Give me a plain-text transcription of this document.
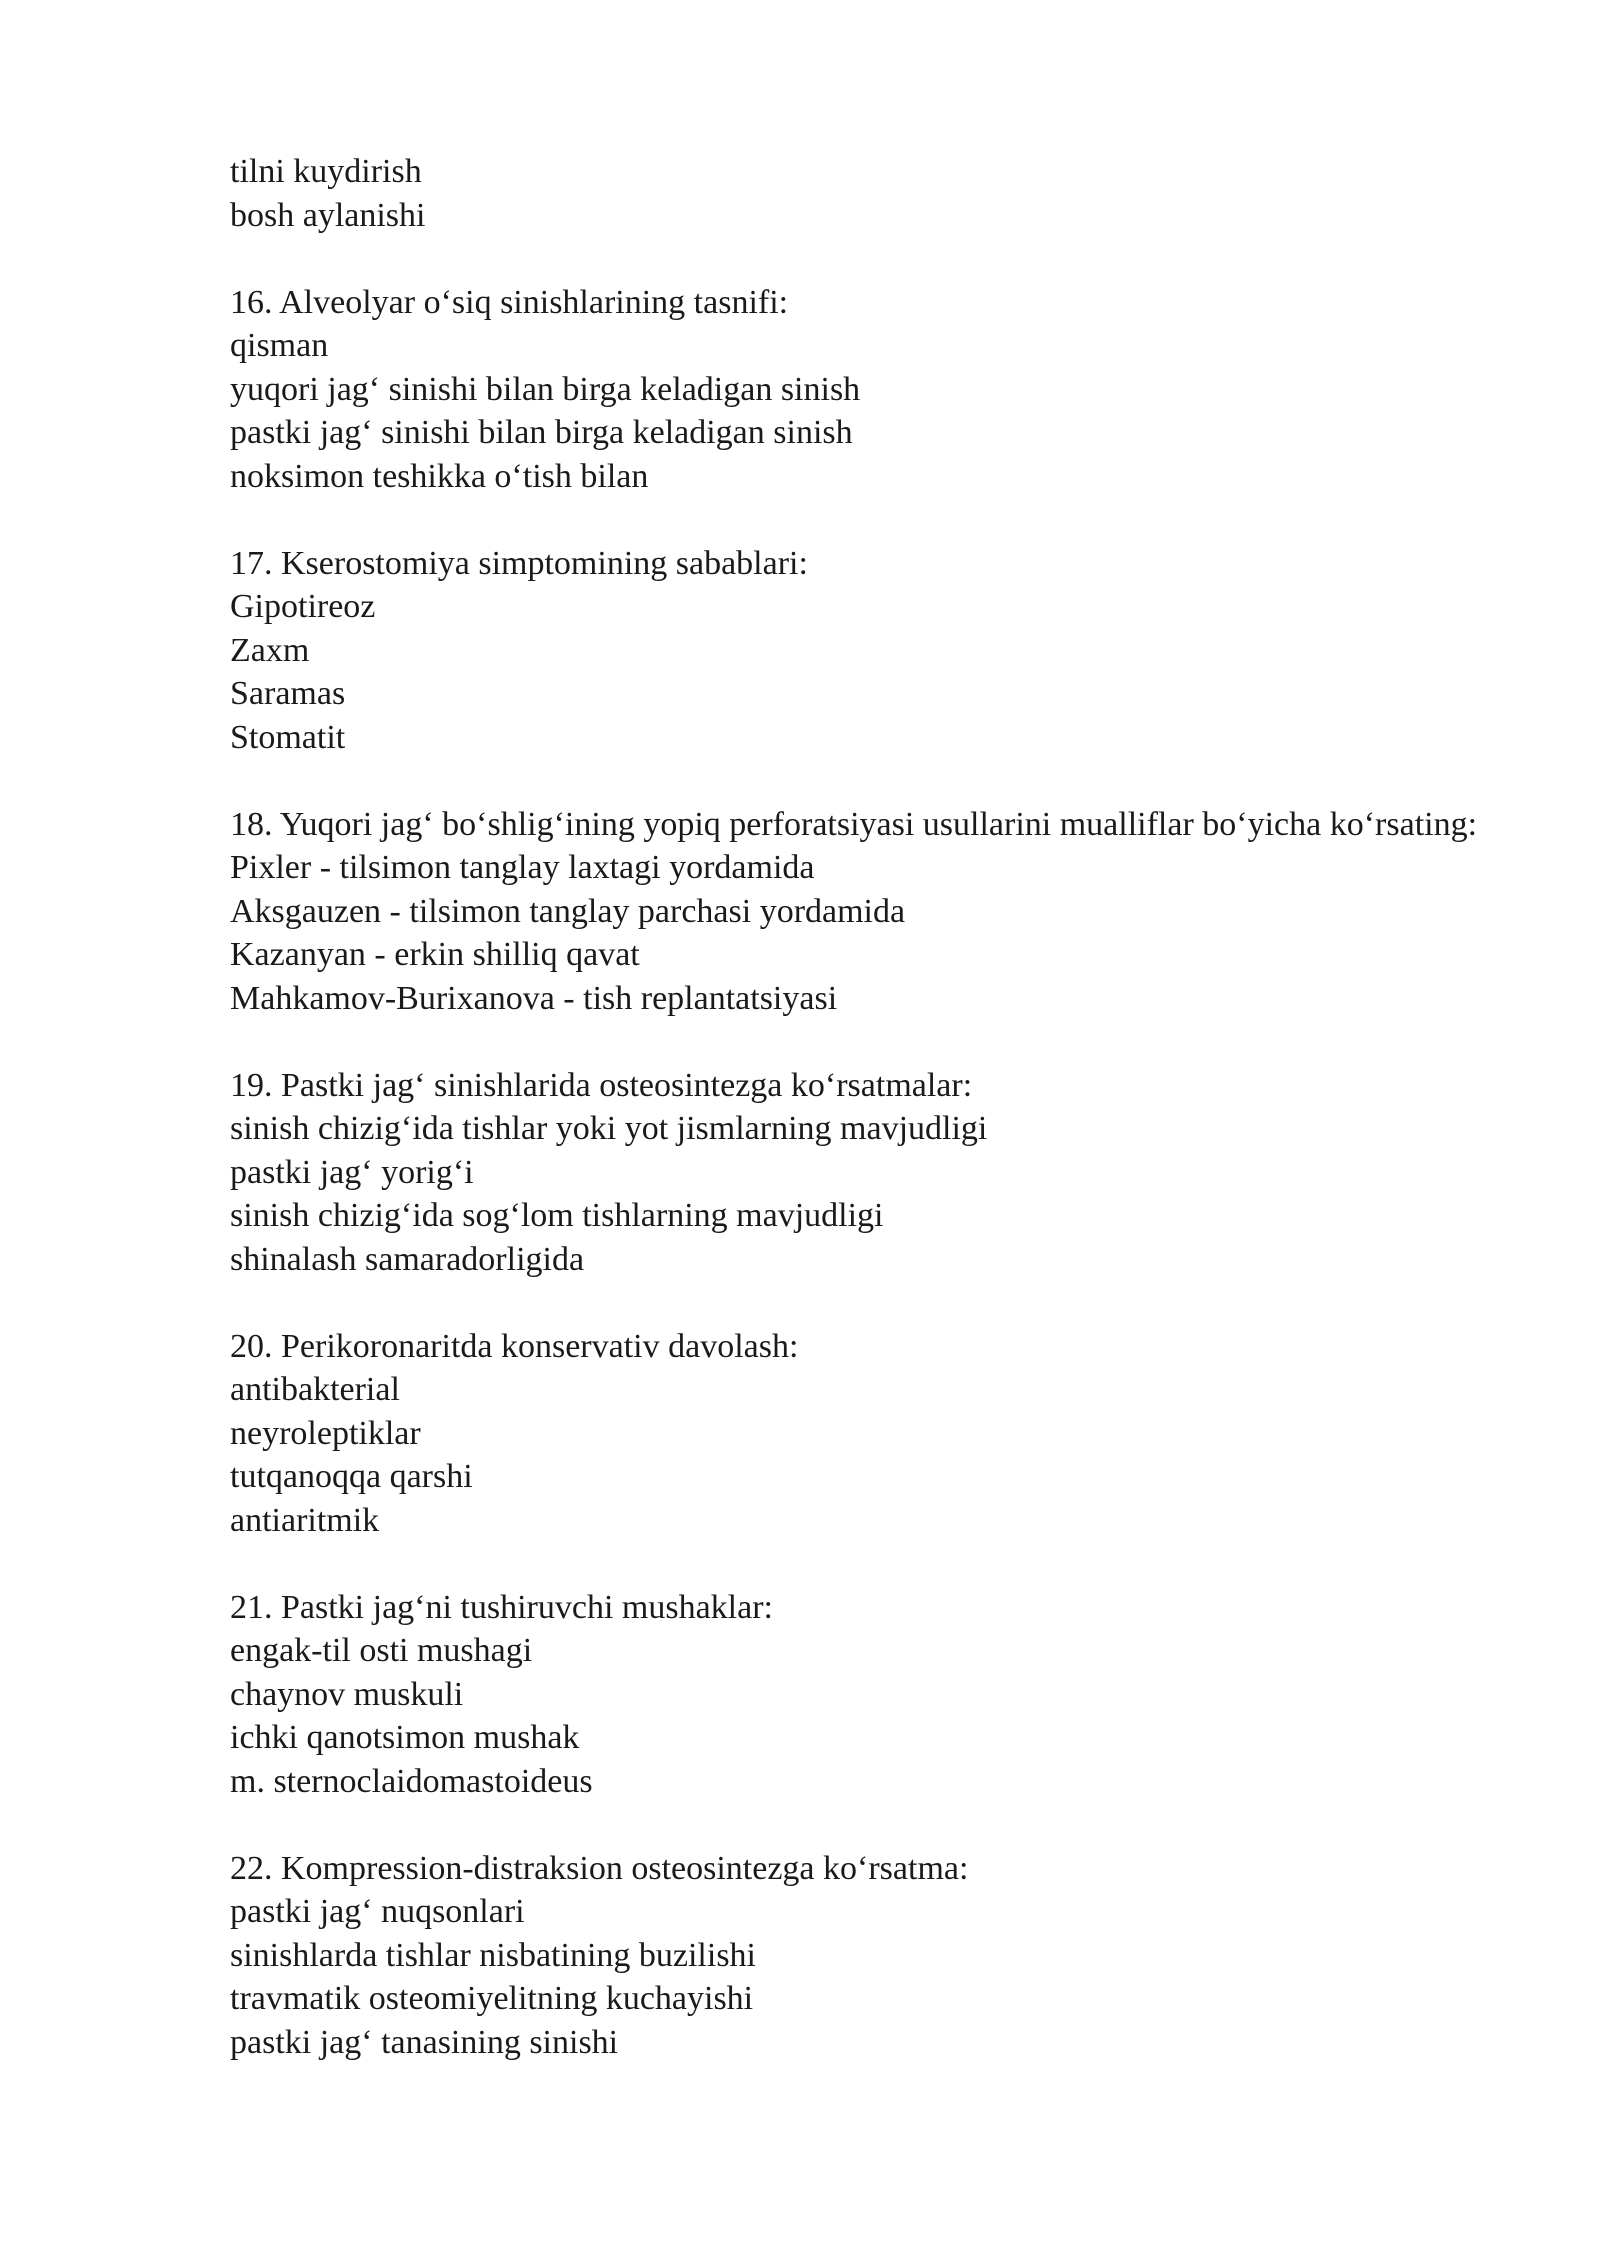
tilni kuydirish
bosh aylanishi
16. Alveolyar o‘siq sinishlarining tasnifi:
qisman
yuqori jag‘ sinishi bilan birga keladigan sinish
pastki jag‘ sinishi bilan birga keladigan sinish
noksimon teshikka o‘tish bilan
17. Kserostomiya simptomining sabablari:
Gipotireoz
Zaxm
Saramas
Stomatit
18. Yuqori jag‘ bo‘shlig‘ining yopiq perforatsiyasi usullarini mualliflar bo‘yicha ko‘rsating:
Pixler - tilsimon tanglay laxtagi yordamida
Aksgauzen - tilsimon tanglay parchasi yordamida
Kazanyan - erkin shilliq qavat
Mahkamov-Burixanova - tish replantatsiyasi
19. Pastki jag‘ sinishlarida osteosintezga ko‘rsatmalar:
sinish chizig‘ida tishlar yoki yot jismlarning mavjudligi
pastki jag‘ yorig‘i
sinish chizig‘ida sog‘lom tishlarning mavjudligi
shinalash samaradorligida
20. Perikoronaritda konservativ davolash:
antibakterial
neyroleptiklar
tutqanoqqa qarshi
antiaritmik
21. Pastki jag‘ni tushiruvchi mushaklar:
engak-til osti mushagi
chaynov muskuli
ichki qanotsimon mushak
m. sternoclaidomastoideus
22. Kompression-distraksion osteosintezga ko‘rsatma:
pastki jag‘ nuqsonlari
sinishlarda tishlar nisbatining buzilishi
travmatik osteomiyelitning kuchayishi
pastki jag‘ tanasining sinishi
